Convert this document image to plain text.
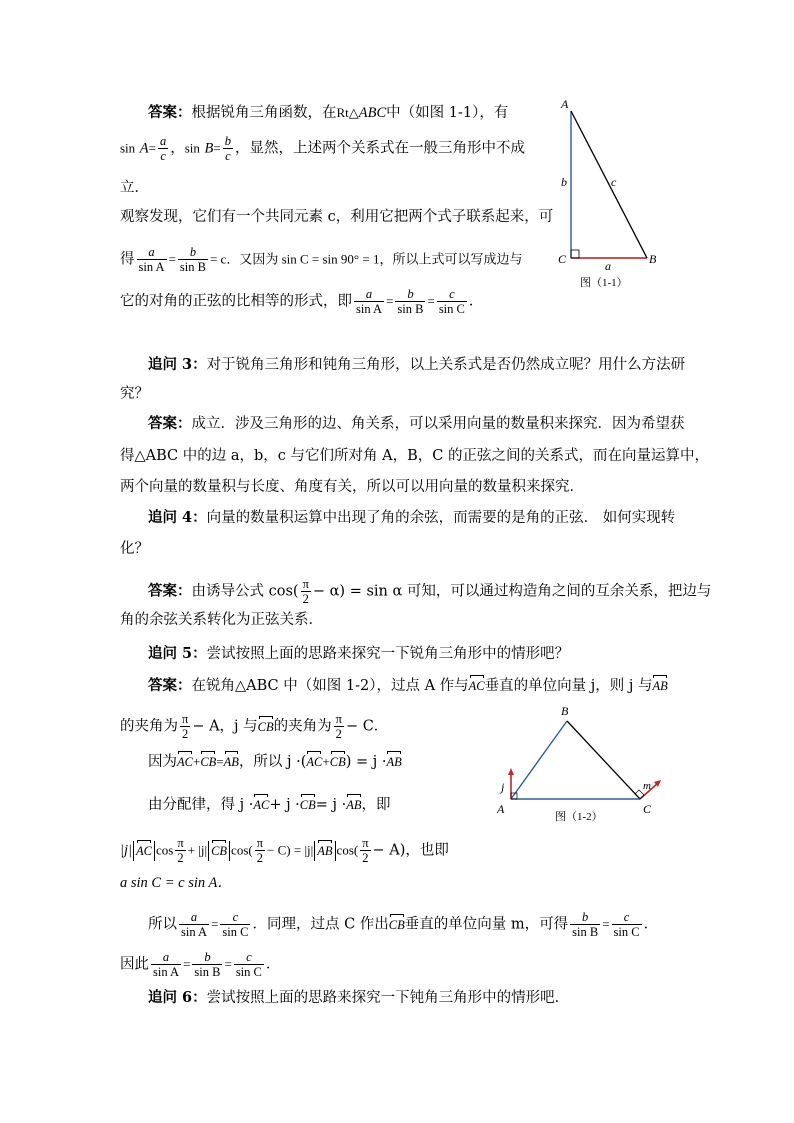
答案：根据锐角三角函数，在Rt△ABC中（如图 1-1），有
$\sin A= \frac{a}{c}$ ，$\sin B= \frac{b}{c}$ ，显然，上述两个关系式在一般三角形中不成
立．
观察发现，它们有一个共同元素 c，利用它把两个式子联系起来，可
得 $\frac{a}{\text{sin A}} = \frac{b}{\text{sin B}} = c$．又因为 sin C = sin 90° = 1，所以上式可以写成边与
它的对角的正弦的比相等的形式，即 $\frac{a}{\text{sin A}} = \frac{b}{\text{sin B}} = \frac{c}{\text{sin C}}$ ．
A
C	B
b	c
a
图（1-1）
追问 3：对于锐角三角形和钝角三角形，以上关系式是否仍然成立呢？用什么方法研
究？
答案：成立．涉及三角形的边、角关系，可以采用向量的数量积来探究．因为希望获
得△ABC 中的边 a，b，c 与它们所对角 A，B，C 的正弦之间的关系式，而在向量运算中，
两个向量的数量积与长度、角度有关，所以可以用向量的数量积来探究．
追问 4：向量的数量积运算中出现了角的余弦，而需要的是角的正弦． 如何实现转
化？
答案：由诱导公式 $\cos( \frac{\pi}{2} - \alpha) = \sin \alpha$ 可知，可以通过构造角之间的互余关系，把边与
角的余弦关系转化为正弦关系．
追问 5：尝试按照上面的思路来探究一下锐角三角形中的情形吧？
答案：在锐角△ABC 中（如图 1-2），过点 A 作与AC垂直的单位向量 j，则 j 与AB
的夹角为 $\frac{\pi}{2} - A$，j 与CB的夹角为 $\frac{\pi}{2} - C$．
因为AC+CB=AB，所以 j ·(AC+CB) = j ·AB
由分配律，得 j ·AC+ j ·CB= j ·AB，即
|j| AC $\cos \frac{\pi}{2} + |j|$ CB $\cos( \frac{\pi}{2} - C) = |j|$ AB $\cos( \frac{\pi}{2} - A)$，也即
a sin C = c sin A．
所以 $\frac{a}{\text{sin A}} = \frac{c}{\text{sin C}}$ ．同理，过点 C 作出CB垂直的单位向量 m，可得 $\frac{b}{\text{sin B}} = \frac{c}{\text{sin C}}$ ．
因此 $\frac{a}{\text{sin A}} = \frac{b}{\text{sin B}} = \frac{c}{\text{sin C}}$ ．
B
A	C
j	m
图（1-2）
追问 6：尝试按照上面的思路来探究一下钝角三角形中的情形吧．
